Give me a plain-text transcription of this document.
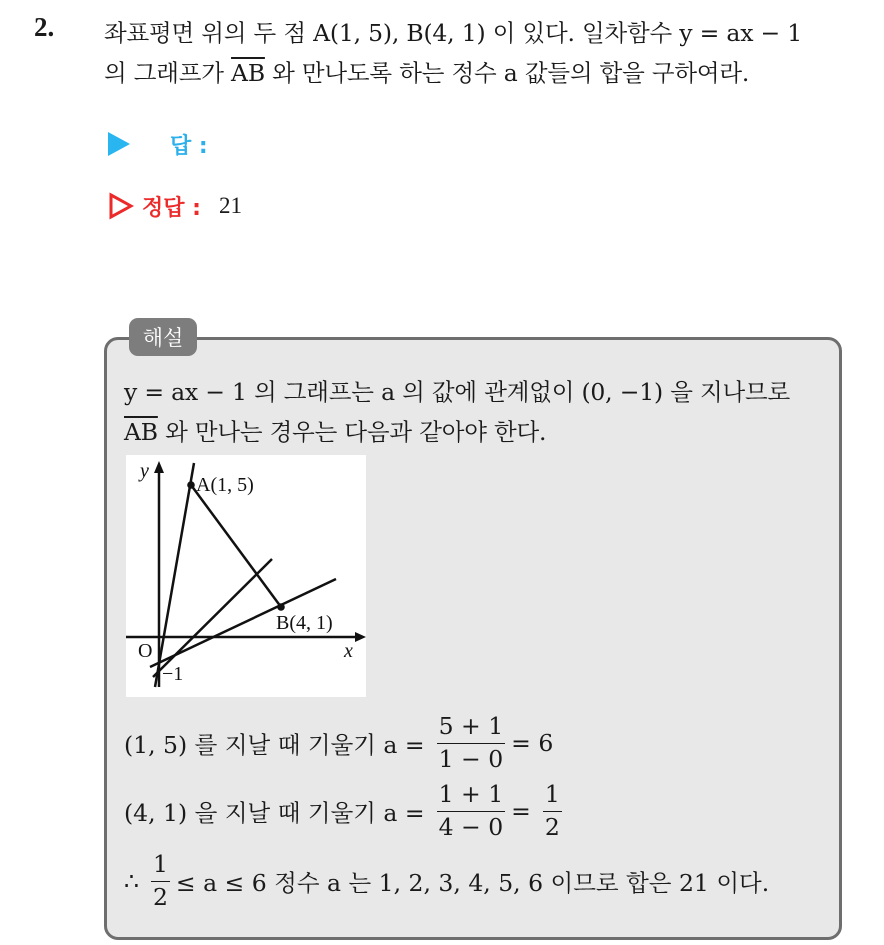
2. 좌표평면 위의 두 점 A(1, 5), B(4, 1) 이 있다. 일차함수 y = ax − 1
의 그래프가 $\overline{AB}$ 와 만나도록 하는 정수 a 값들의 합을 구하여라.
답 :
정답 : 21
해설
y = ax − 1 의 그래프는 a 의 값에 관계없이 (0, −1) 을 지나므로
$\overline{AB}$ 와 만나는 경우는 다음과 같아야 한다.
y
x
A(1, 5)
B(4, 1)
O
−1
(1, 5) 를 지날 때 기울기 $a = \frac{5 + 1}{1 - 0} = 6$
(4, 1) 을 지날 때 기울기 $a = \frac{1 + 1}{4 - 0} = \frac{1}{2}$
∴ $\frac{1}{2} \le a \le 6$ 정수 a 는 1, 2, 3, 4, 5, 6 이므로 합은 21 이다.
